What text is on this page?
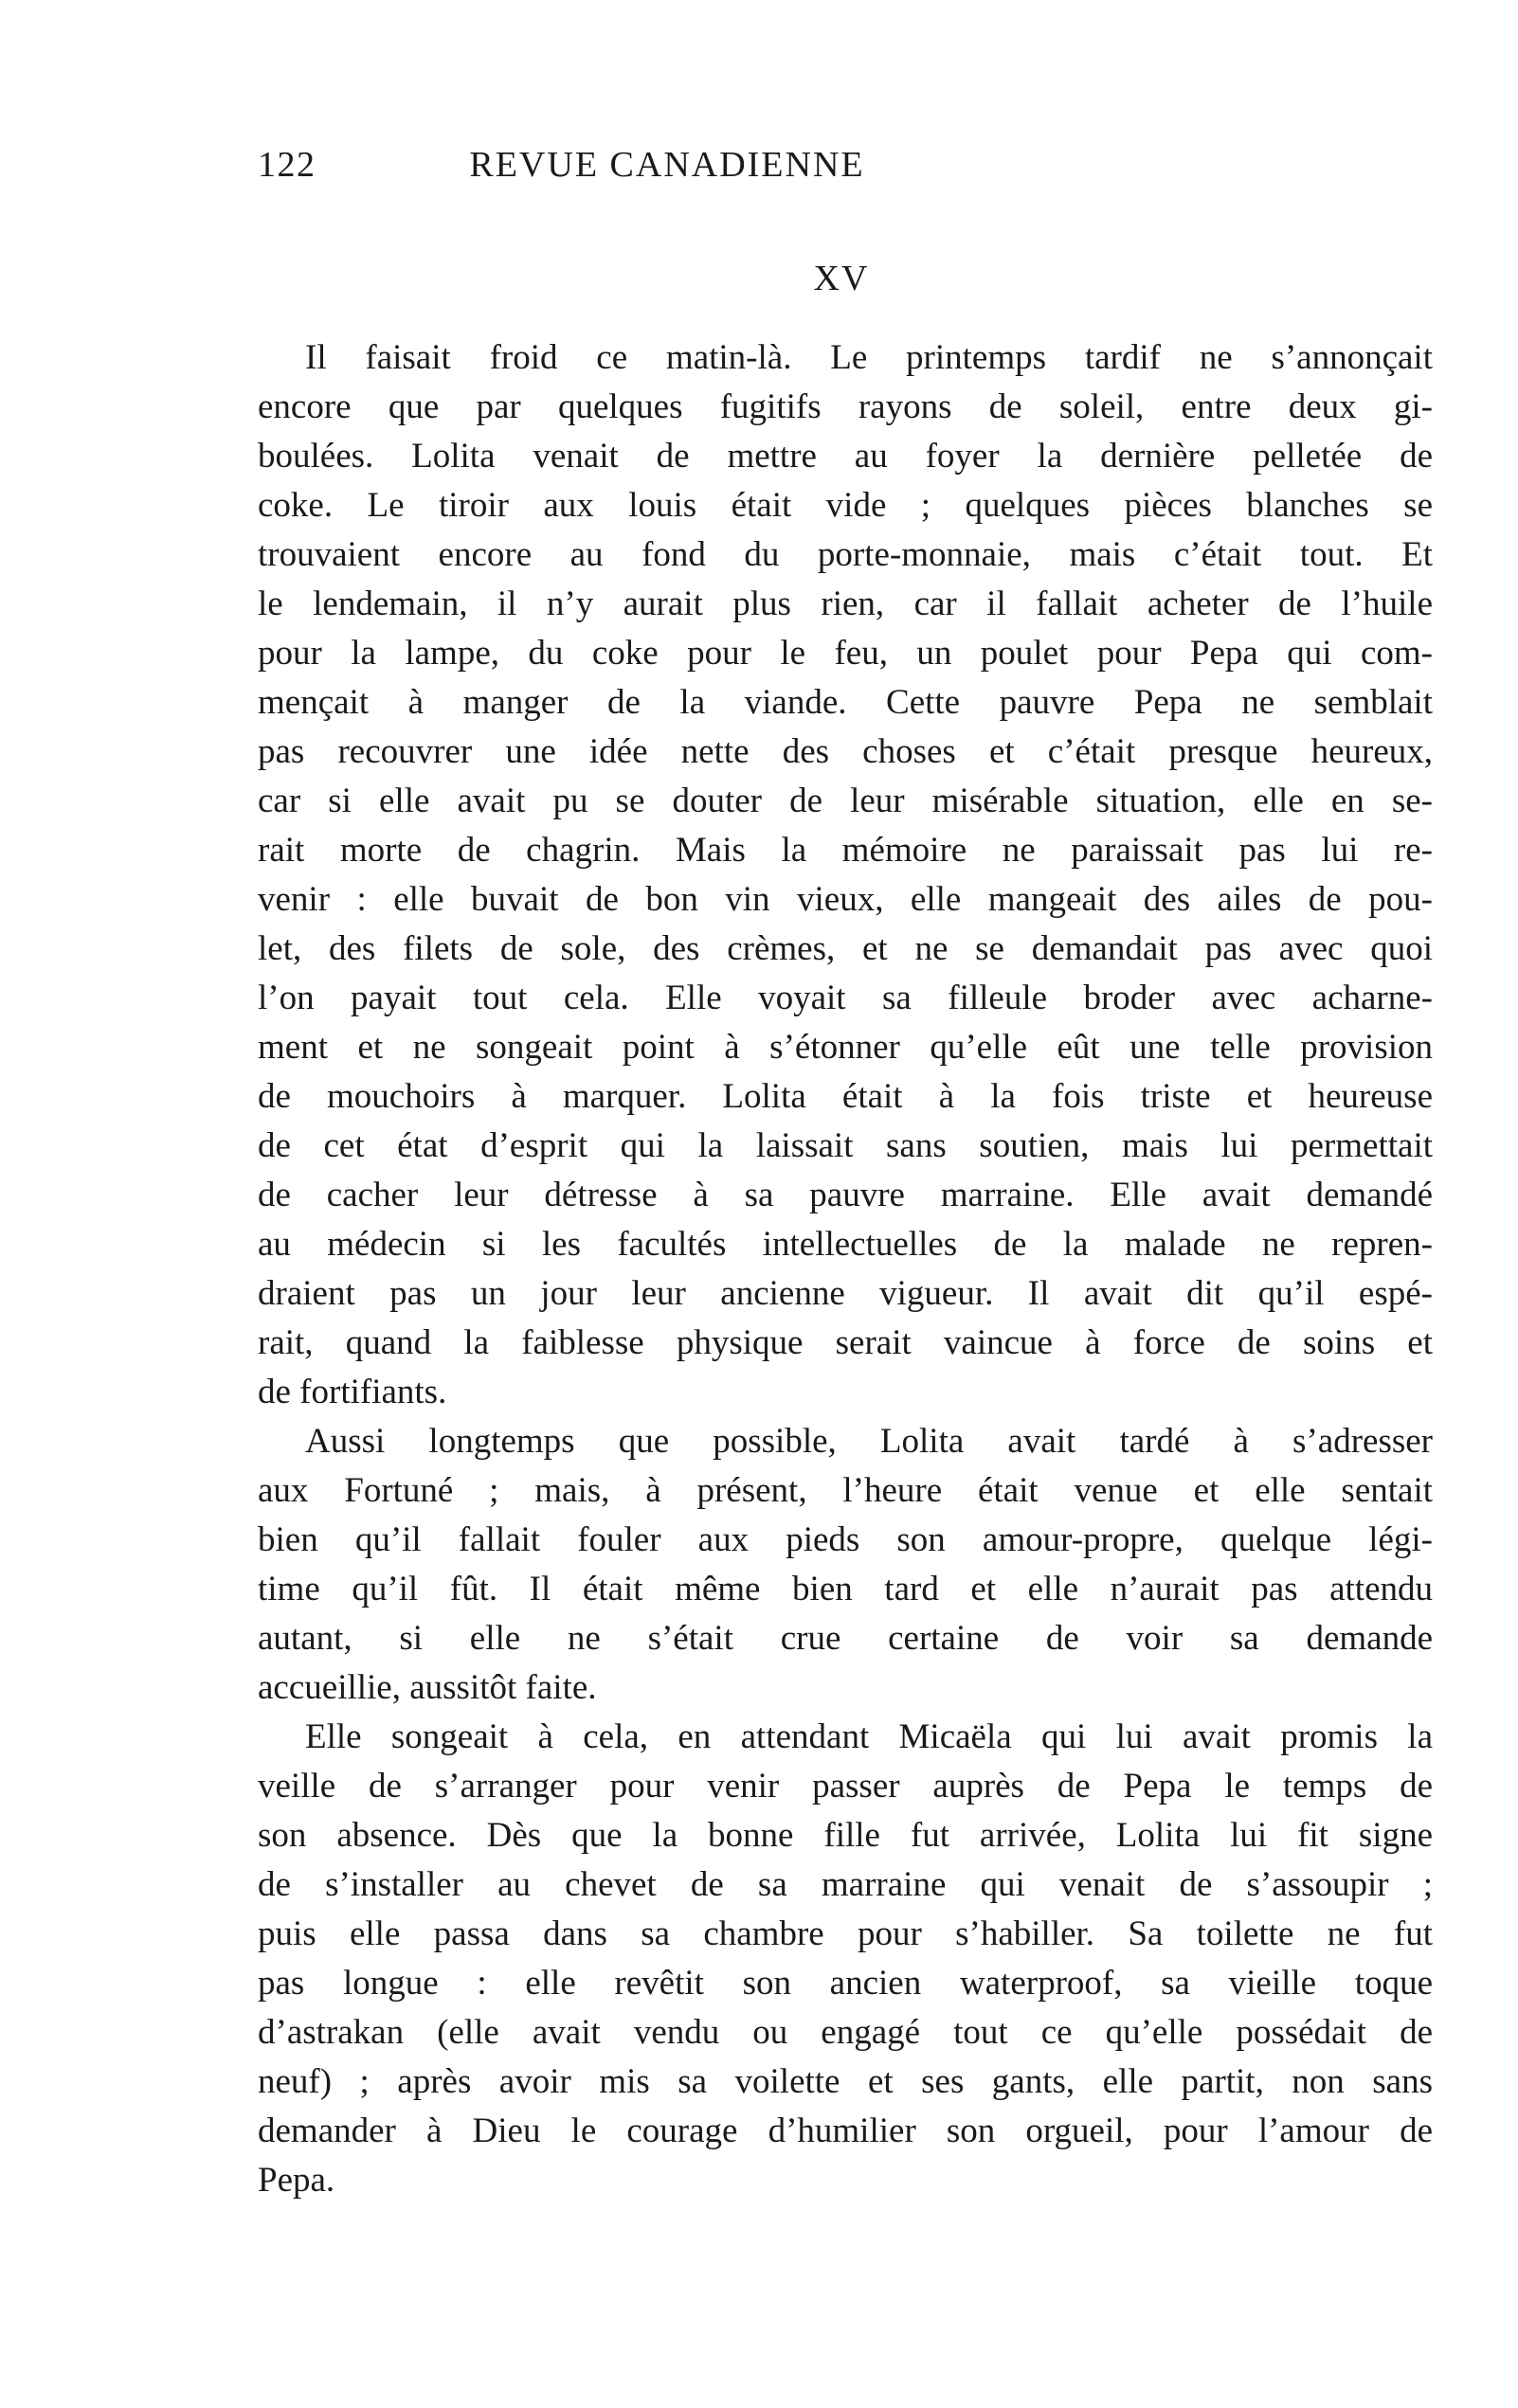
122	REVUE CANADIENNE
XV
Il faisait froid ce matin-là. Le printemps tardif ne s’annonçait
encore que par quelques fugitifs rayons de soleil, entre deux gi-
boulées. Lolita venait de mettre au foyer la dernière pelletée de
coke. Le tiroir aux louis était vide ; quelques pièces blanches se
trouvaient encore au fond du porte-monnaie, mais c’était tout. Et
le lendemain, il n’y aurait plus rien, car il fallait acheter de l’huile
pour la lampe, du coke pour le feu, un poulet pour Pepa qui com-
mençait à manger de la viande. Cette pauvre Pepa ne semblait
pas recouvrer une idée nette des choses et c’était presque heureux,
car si elle avait pu se douter de leur misérable situation, elle en se-
rait morte de chagrin. Mais la mémoire ne paraissait pas lui re-
venir : elle buvait de bon vin vieux, elle mangeait des ailes de pou-
let, des filets de sole, des crèmes, et ne se demandait pas avec quoi
l’on payait tout cela. Elle voyait sa filleule broder avec acharne-
ment et ne songeait point à s’étonner qu’elle eût une telle provision
de mouchoirs à marquer. Lolita était à la fois triste et heureuse
de cet état d’esprit qui la laissait sans soutien, mais lui permettait
de cacher leur détresse à sa pauvre marraine. Elle avait demandé
au médecin si les facultés intellectuelles de la malade ne repren-
draient pas un jour leur ancienne vigueur. Il avait dit qu’il espé-
rait, quand la faiblesse physique serait vaincue à force de soins et
de fortifiants.
Aussi longtemps que possible, Lolita avait tardé à s’adresser
aux Fortuné ; mais, à présent, l’heure était venue et elle sentait
bien qu’il fallait fouler aux pieds son amour-propre, quelque légi-
time qu’il fût. Il était même bien tard et elle n’aurait pas attendu
autant, si elle ne s’était crue certaine de voir sa demande
accueillie, aussitôt faite.
Elle songeait à cela, en attendant Micaëla qui lui avait promis la
veille de s’arranger pour venir passer auprès de Pepa le temps de
son absence. Dès que la bonne fille fut arrivée, Lolita lui fit signe
de s’installer au chevet de sa marraine qui venait de s’assoupir ;
puis elle passa dans sa chambre pour s’habiller. Sa toilette ne fut
pas longue : elle revêtit son ancien waterproof, sa vieille toque
d’astrakan (elle avait vendu ou engagé tout ce qu’elle possédait de
neuf) ; après avoir mis sa voilette et ses gants, elle partit, non sans
demander à Dieu le courage d’humilier son orgueil, pour l’amour de
Pepa.
